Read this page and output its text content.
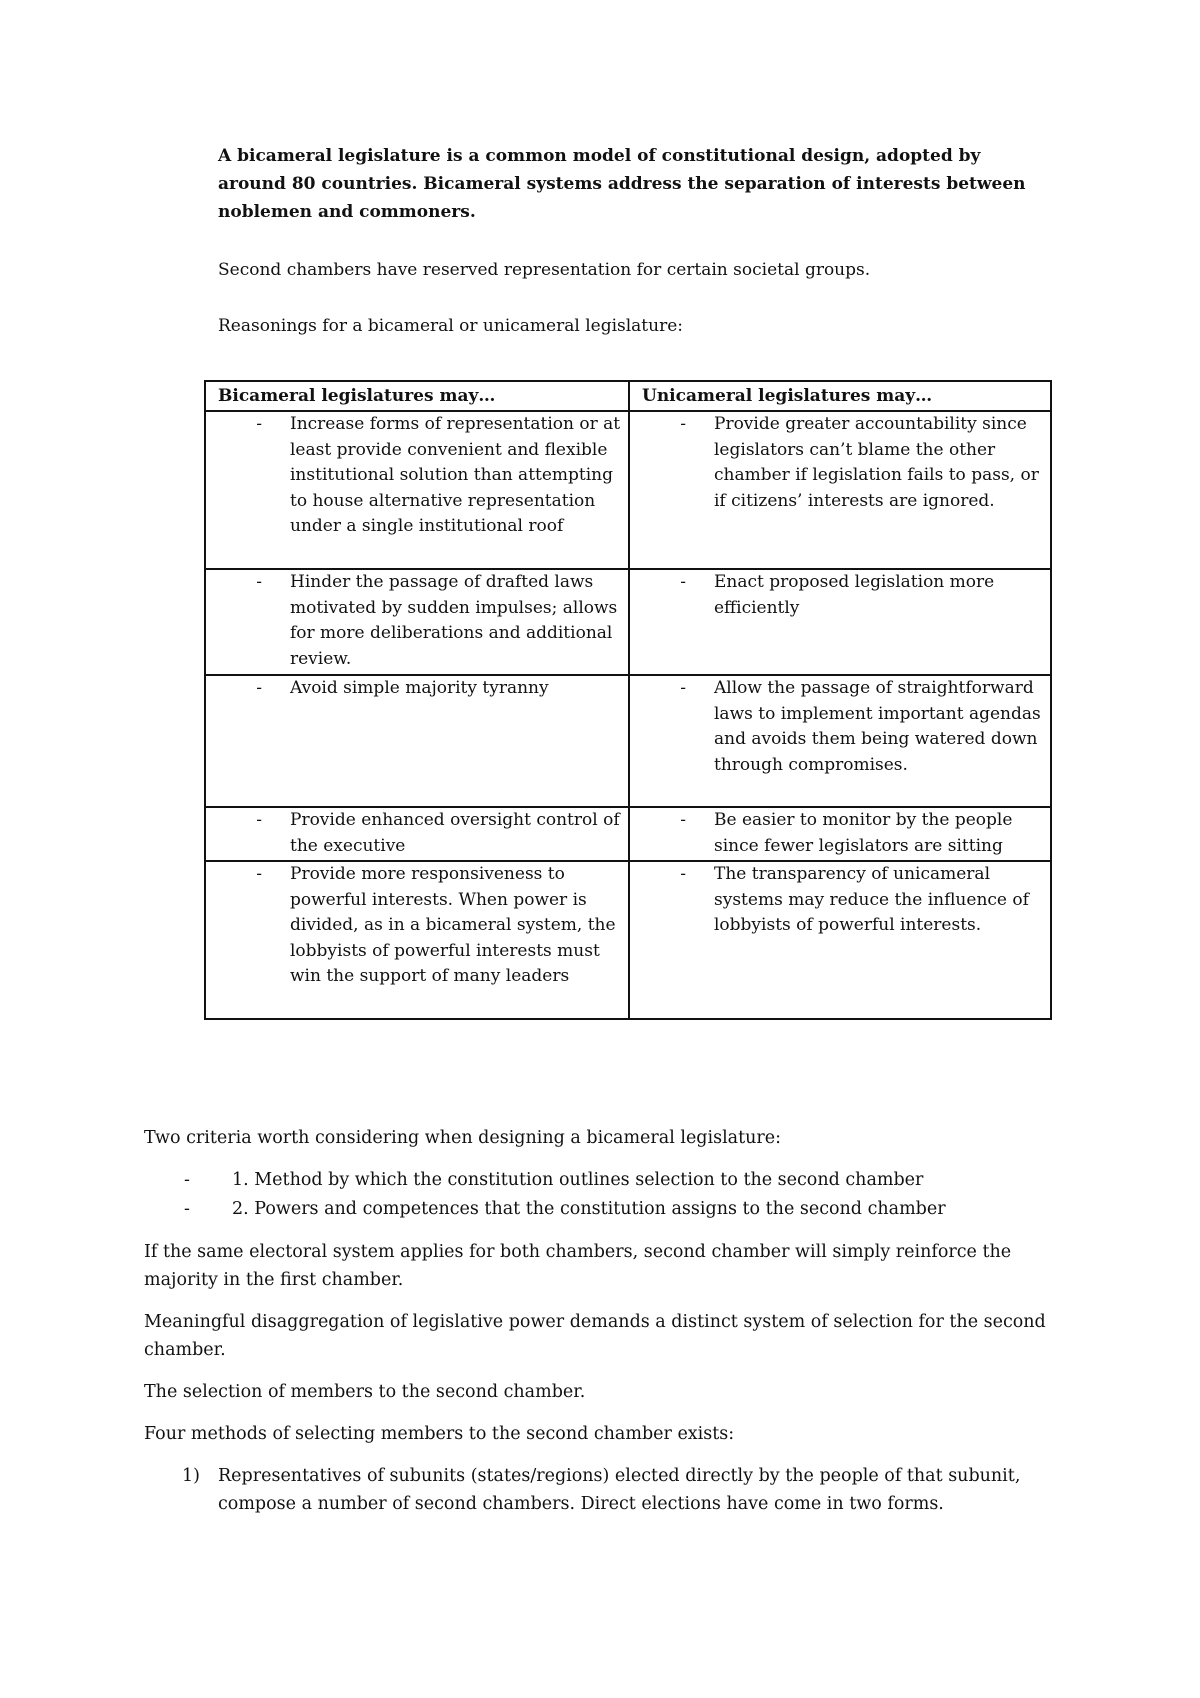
A bicameral legislature is a common model of constitutional design, adopted by around 80 countries. Bicameral systems address the separation of interests between noblemen and commoners.

Second chambers have reserved representation for certain societal groups.

Reasonings for a bicameral or unicameral legislature:

Bicameral legislatures may…	Unicameral legislatures may…

- Increase forms of representation or at least provide convenient and flexible institutional solution than attempting to house alternative representation under a single institutional roof	- Provide greater accountability since legislators can’t blame the other chamber if legislation fails to pass, or if citizens’ interests are ignored.

- Hinder the passage of drafted laws motivated by sudden impulses; allows for more deliberations and additional review.	- Enact proposed legislation more efficiently

- Avoid simple majority tyranny	- Allow the passage of straightforward laws to implement important agendas and avoids them being watered down through compromises.

- Provide enhanced oversight control of the executive	- Be easier to monitor by the people since fewer legislators are sitting

- Provide more responsiveness to powerful interests. When power is divided, as in a bicameral system, the lobbyists of powerful interests must win the support of many leaders	- The transparency of unicameral systems may reduce the influence of lobbyists of powerful interests.

Two criteria worth considering when designing a bicameral legislature:

-	1. Method by which the constitution outlines selection to the second chamber
-	2. Powers and competences that the constitution assigns to the second chamber

If the same electoral system applies for both chambers, second chamber will simply reinforce the majority in the first chamber.

Meaningful disaggregation of legislative power demands a distinct system of selection for the second chamber.

The selection of members to the second chamber.

Four methods of selecting members to the second chamber exists:

1)	Representatives of subunits (states/regions) elected directly by the people of that subunit, compose a number of second chambers. Direct elections have come in two forms.
